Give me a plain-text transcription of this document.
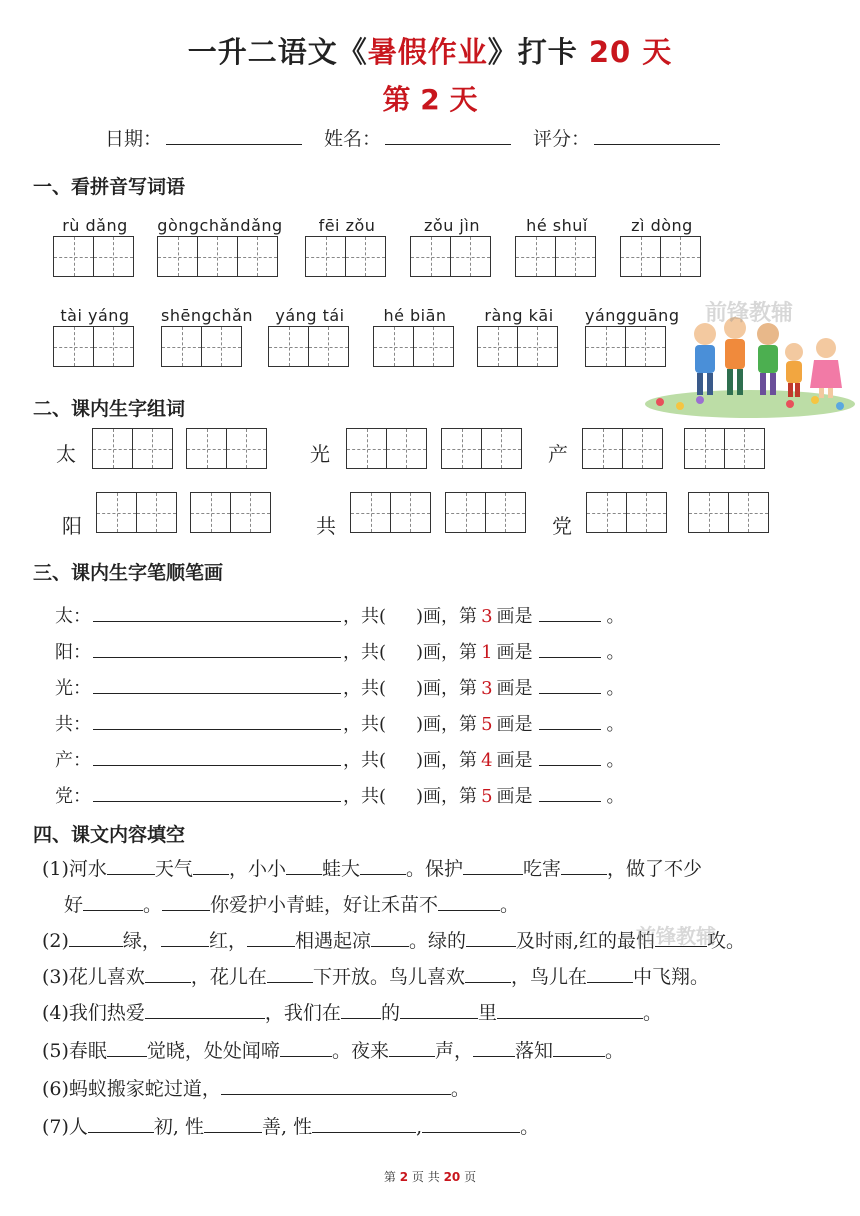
一升二语文《暑假作业》打卡 20 天
第 2 天
日期：	姓名：	评分：
一、看拼音写词语
rù dǎng	gòngchǎndǎng	fēi zǒu	zǒu jìn	hé shuǐ	zì dòng
tài yáng	shēngchǎn	yáng tái	hé biān	ràng kāi	yángguāng 前锋教辅
二、课内生字组词
太	光	产
阳	共	党
三、课内生字笔顺笔画
太：	，共( )画，第 3 画是	。
阳：	，共( )画，第 1 画是	。
光：	，共( )画，第 3 画是	。
共：	，共( )画，第 5 画是	。
产：	，共( )画，第 4 画是	。
党：	，共( )画，第 5 画是	。
四、课文内容填空
(1)河水	天气 ，小小 蛙大 。保护	吃害 ，做了不少
好	。	你爱护小青蛙，好让禾苗不	。
(2)	绿，	红，	相遇起凉 。绿的	及时雨,红的最怕	攻。
前锋教辅
(3)花儿喜欢 ，花儿在 下开放。鸟儿喜欢 ，鸟儿在 中飞翔。
(4)我们热爱	，我们在 的	里	。
(5)春眠 觉晓，处处闻啼	。夜来 声， 落知	。
(6)蚂蚁搬家蛇过道，	。
(7)人	初, 性	善, 性	,	。
第 2 页 共 20 页
